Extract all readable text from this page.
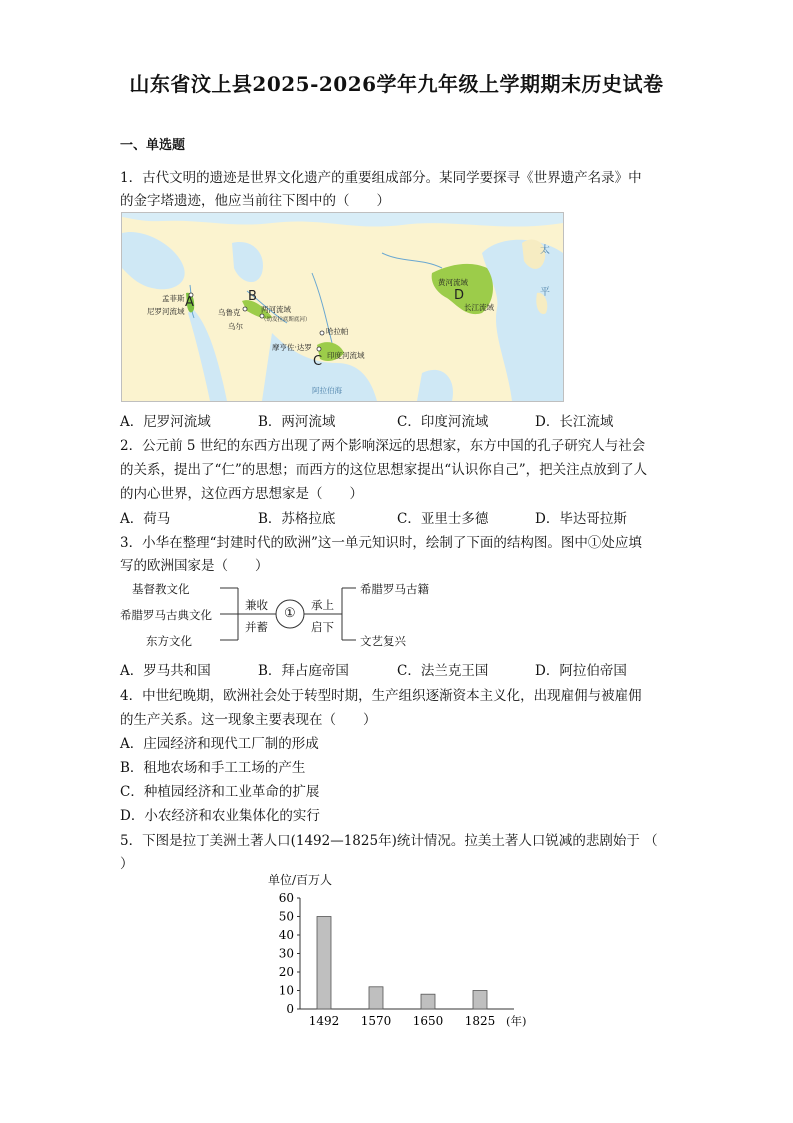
山东省汶上县2025-2026学年九年级上学期期末历史试卷
一、单选题
1．古代文明的遗迹是世界文化遗产的重要组成部分。某同学要探寻《世界遗产名录》中
的金字塔遗迹，他应当前往下图中的（　　）
A
孟菲斯
尼罗河流域
B
乌鲁克
乌尔
两河流域
（幼发拉底斯底河）
哈拉帕
摩亨佐·达罗
印度河流域
C
黄河流域
D
长江流域
阿拉伯海
太
平
A．尼罗河流域	B．两河流域	C．印度河流域	D．长江流域
2．公元前 5 世纪的东西方出现了两个影响深远的思想家，东方中国的孔子研究人与社会
的关系，提出了“仁”的思想；而西方的这位思想家提出“认识你自己”，把关注点放到了人
的内心世界，这位西方思想家是（　　）
A．荷马	B．苏格拉底	C．亚里士多德	D．毕达哥拉斯
3．小华在整理“封建时代的欧洲”这一单元知识时，绘制了下面的结构图。图中①处应填
写的欧洲国家是（　　）
基督教文化
希腊罗马古典文化
东方文化
兼收
并蓄
①
承上
启下
希腊罗马古籍
文艺复兴
A．罗马共和国	B．拜占庭帝国	C．法兰克王国	D．阿拉伯帝国
4．中世纪晚期，欧洲社会处于转型时期，生产组织逐渐资本主义化，出现雇佣与被雇佣
的生产关系。这一现象主要表现在（　　）
A．庄园经济和现代工厂制的形成
B．租地农场和手工工场的产生
C．种植园经济和工业革命的扩展
D．小农经济和农业集体化的实行
5．下图是拉丁美洲土著人口(1492—1825年)统计情况。拉美土著人口锐减的悲剧始于 （
）
单位/百万人
(年)
0
10
20
30
40
50
60
1492 1570 1650 1825
